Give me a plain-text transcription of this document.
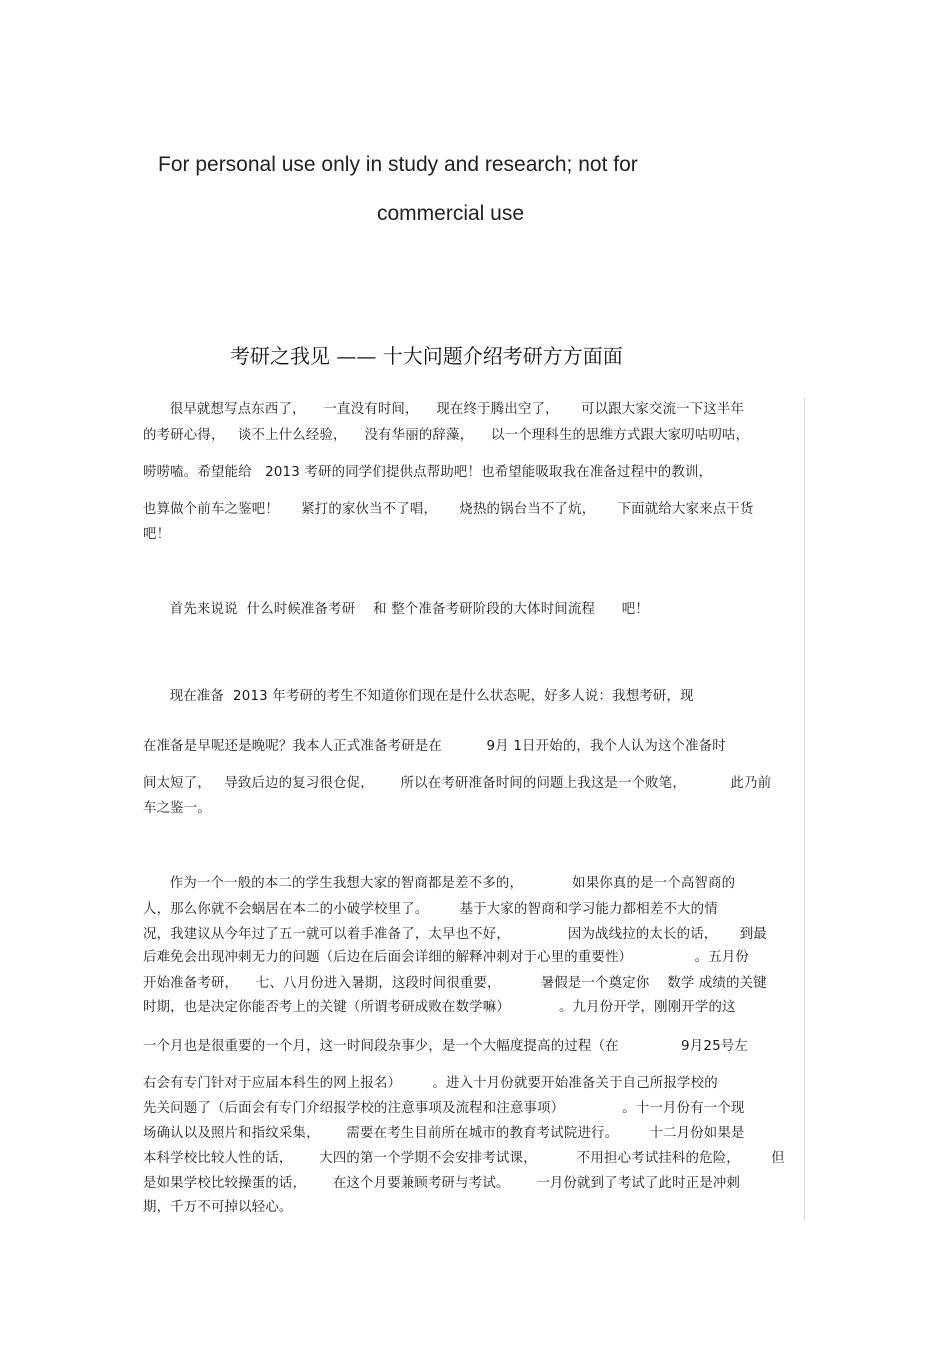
For personal use only in study and research; not for
commercial use
考研之我见 —— 十大问题介绍考研方方面面
很早就想写点东西了，    一直没有时间，    现在终于腾出空了，     可以跟大家交流一下这半年
的考研心得，   谈不上什么经验，    没有华丽的辞藻，    以一个理科生的思维方式跟大家叨咕叨咕，
唠唠嗑。希望能给   2013 考研的同学们提供点帮助吧！也希望能吸取我在准备过程中的教训，
也算做个前车之鉴吧！     紧打的家伙当不了唱，     烧热的锅台当不了炕，     下面就给大家来点干货
吧！
首先来说说  什么时候准备考研    和 整个准备考研阶段的大体时间流程      吧！
现在准备  2013 年考研的考生不知道你们现在是什么状态呢，好多人说：我想考研，现
在准备是早呢还是晚呢？我本人正式准备考研是在          9月 1日开始的，我个人认为这个准备时
间太短了，   导致后边的复习很仓促，      所以在考研准备时间的问题上我这是一个败笔，          此乃前
车之鉴一。
作为一个一般的本二的学生我想大家的智商都是差不多的，           如果你真的是一个高智商的
人，那么你就不会蜗居在本二的小破学校里了。       基于大家的智商和学习能力都相差不大的情
况，我建议从今年过了五一就可以着手准备了，太早也不好，             因为战线拉的太长的话，     到最
后难免会出现冲刺无力的问题（后边在后面会详细的解释冲刺对于心里的重要性）              。五月份
开始准备考研，    七、八月份进入暑期，这段时间很重要，         暑假是一个奠定你    数学 成绩的关键
时期，也是决定你能否考上的关键（所谓考研成败在数学嘛）           。九月份开学，刚刚开学的这
一个月也是很重要的一个月，这一时间段杂事少，是一个大幅度提高的过程（在              9月25号左
右会有专门针对于应届本科生的网上报名）       。进入十月份就要开始准备关于自己所报学校的
先关问题了（后面会有专门介绍报学校的注意事项及流程和注意事项）             。十一月份有一个现
场确认以及照片和指纹采集，      需要在考生目前所在城市的教育考试院进行。       十二月份如果是
本科学校比较人性的话，      大四的第一个学期不会安排考试课，         不用担心考试挂科的危险，       但
是如果学校比较操蛋的话，      在这个月要兼顾考研与考试。      一月份就到了考试了此时正是冲刺
期，千万不可掉以轻心。
